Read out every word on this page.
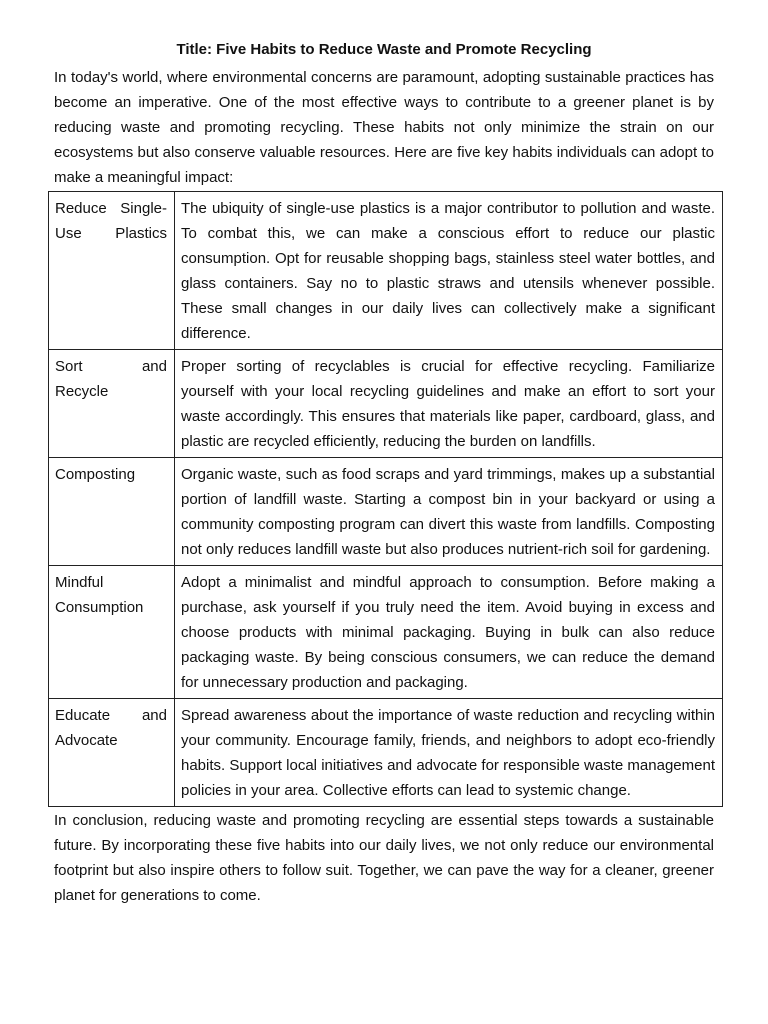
Title: Five Habits to Reduce Waste and Promote Recycling

In today's world, where environmental concerns are paramount, adopting sustainable practices has become an imperative. One of the most effective ways to contribute to a greener planet is by reducing waste and promoting recycling. These habits not only minimize the strain on our ecosystems but also conserve valuable resources. Here are five key habits individuals can adopt to make a meaningful impact:

Reduce Single-
Use Plastics	The ubiquity of single-use plastics is a major contributor to pollution and waste. To combat this, we can make a conscious effort to reduce our plastic consumption. Opt for reusable shopping bags, stainless steel water bottles, and glass containers. Say no to plastic straws and utensils whenever possible. These small changes in our daily lives can collectively make a significant difference.

Sort and
Recycle	Proper sorting of recyclables is crucial for effective recycling. Familiarize yourself with your local recycling guidelines and make an effort to sort your waste accordingly. This ensures that materials like paper, cardboard, glass, and plastic are recycled efficiently, reducing the burden on landfills.

Composting	Organic waste, such as food scraps and yard trimmings, makes up a substantial portion of landfill waste. Starting a compost bin in your backyard or using a community composting program can divert this waste from landfills. Composting not only reduces landfill waste but also produces nutrient-rich soil for gardening.

Mindful
Consumption	Adopt a minimalist and mindful approach to consumption. Before making a purchase, ask yourself if you truly need the item. Avoid buying in excess and choose products with minimal packaging. Buying in bulk can also reduce packaging waste. By being conscious consumers, we can reduce the demand for unnecessary production and packaging.

Educate and
Advocate	Spread awareness about the importance of waste reduction and recycling within your community. Encourage family, friends, and neighbors to adopt eco-friendly habits. Support local initiatives and advocate for responsible waste management policies in your area. Collective efforts can lead to systemic change.

In conclusion, reducing waste and promoting recycling are essential steps towards a sustainable future. By incorporating these five habits into our daily lives, we not only reduce our environmental footprint but also inspire others to follow suit. Together, we can pave the way for a cleaner, greener planet for generations to come.
